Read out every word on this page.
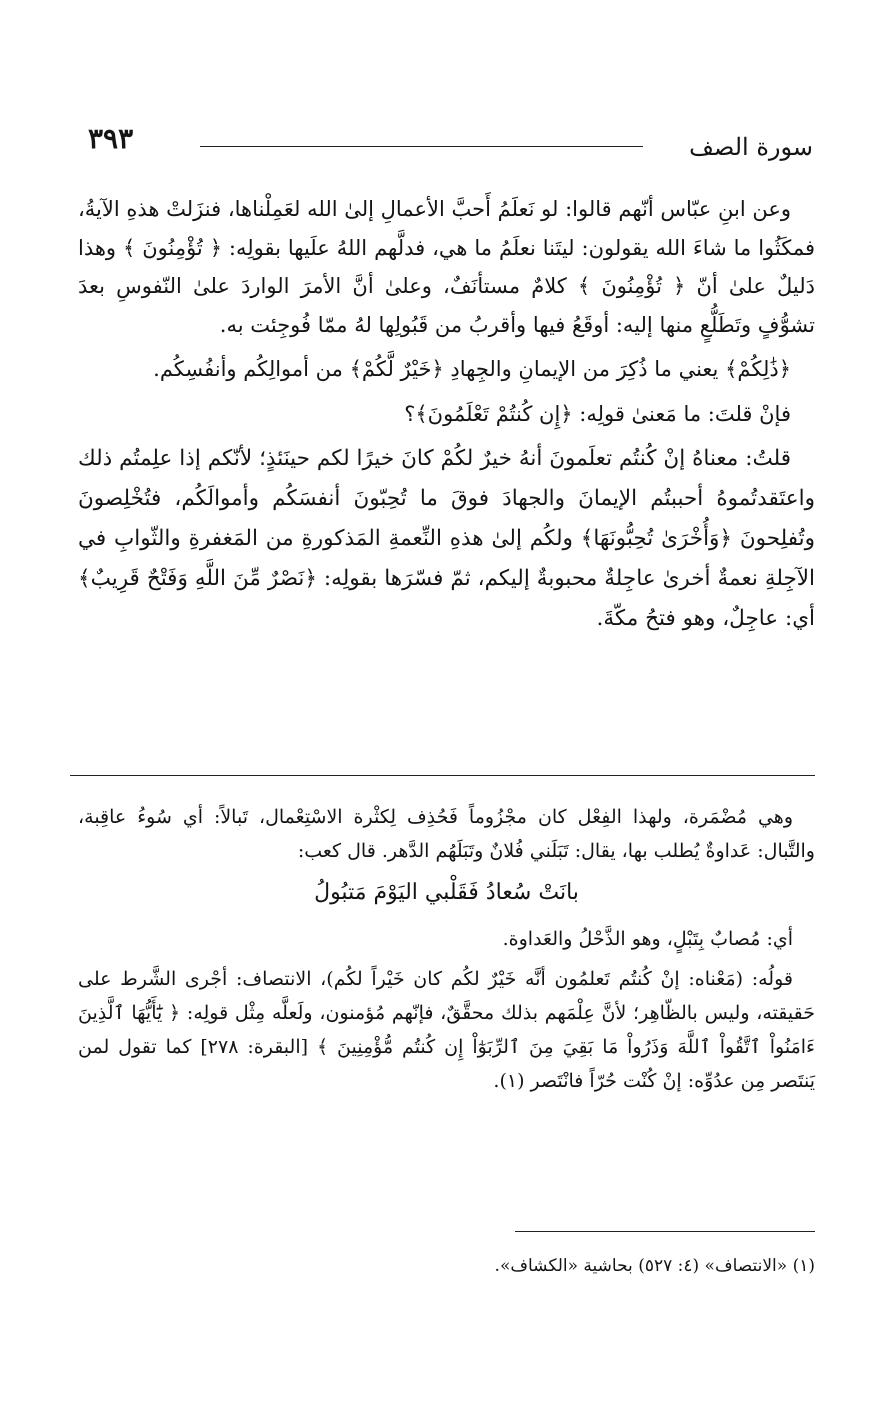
سورة الصف
٣٩٣

وعن ابنِ عبّاس أنّهم قالوا: لو نَعلَمُ أَحبَّ الأعمالِ إلىٰ الله لعَمِلْناها، فنزَلتْ هذهِ الآيةُ، فمكَثُوا ما شاءَ الله يقولون: ليتَنا نعلَمُ ما هي، فدلَّهم اللهُ علَيها بقولِه: ﴿ تُؤْمِنُونَ ﴾ وهذا دَليلٌ علىٰ أنّ ﴿ تُؤْمِنُونَ ﴾ كلامٌ مستأنَفٌ، وعلىٰ أنَّ الأمرَ الواردَ علىٰ النّفوسِ بعدَ تشوُّفٍ وتَطَلُّعٍ منها إليه: أوقَعُ فيها وأقربُ من قَبُولِها لهُ ممّا فُوجِئت به.

﴿ذَٰلِكُمْ﴾ يعني ما ذُكِرَ من الإيمانِ والجِهادِ ﴿خَيْرٌ لَّكُمْ﴾ من أموالِكُم وأنفُسِكُم.

فإنْ قلتَ: ما مَعنىٰ قولِه: ﴿إِن كُنتُمْ تَعْلَمُونَ﴾؟

قلتُ: معناهُ إنْ كُنتُم تعلَمونَ أنهُ خيرٌ لكُمْ كانَ خيرًا لكم حينَئذٍ؛ لأنّكم إذا علِمتُم ذلك واعتَقدتُموهُ أحببتُم الإيمانَ والجهادَ فوقَ ما تُحِبّونَ أنفسَكُم وأموالَكُم، فتُخْلِصونَ وتُفلِحونَ ﴿وَأُخْرَىٰ تُحِبُّونَهَا﴾ ولكُم إلىٰ هذهِ النِّعمةِ المَذكورةِ من المَغفرةِ والثّوابِ في الآجِلةِ نعمةٌ أخرىٰ عاجِلةٌ محبوبةٌ إليكم، ثمّ فسّرَها بقولِه: ﴿نَصْرٌ مِّنَ اللَّهِ وَفَتْحٌ قَرِيبٌ﴾ أي: عاجِلٌ، وهو فتحُ مكّةَ.

وهي مُضْمَرة، ولهذا الفِعْل كان مجْزُوماً فَحُذِف لِكثْرة الاسْتِعْمال، تَبالاً: أي سُوءُ عاقِبة، والتَّبال: عَداوةٌ يُطلب بها، يقال: تَبَلَني فُلانٌ وتَبَلَهُم الدَّهر. قال كعب:

بانَتْ سُعادُ فَقَلْبي اليَوْمَ مَتبُولُ

أي: مُصابٌ بِتَبْلٍ، وهو الذَّحْلُ والعَداوة.

قولُه: (مَعْناه: إنْ كُنتُم تَعلمُون أنَّه خَيْرٌ لكُم كان خَيْراً لكُم)، الانتصاف: أجْرى الشَّرط على حَقيقته، وليس بالظّاهِر؛ لأنَّ عِلْمَهم بذلك محقَّقٌ، فإنّهم مُؤمنون، ولَعلَّه مِثْل قولِه: ﴿ يَٰٓأَيُّهَا ٱلَّذِينَ ءَامَنُواْ ٱتَّقُواْ ٱللَّهَ وَذَرُواْ مَا بَقِيَ مِنَ ٱلرِّبَوٰٓاْ إِن كُنتُم مُّؤْمِنِينَ ﴾ [البقرة: ٢٧٨] كما تقول لمن يَنتَصر مِن عدُوِّه: إنْ كُنْت حُرّاً فانْتَصر (١).

(١) «الانتصاف» (٤: ٥٢٧) بحاشية «الكشاف».
